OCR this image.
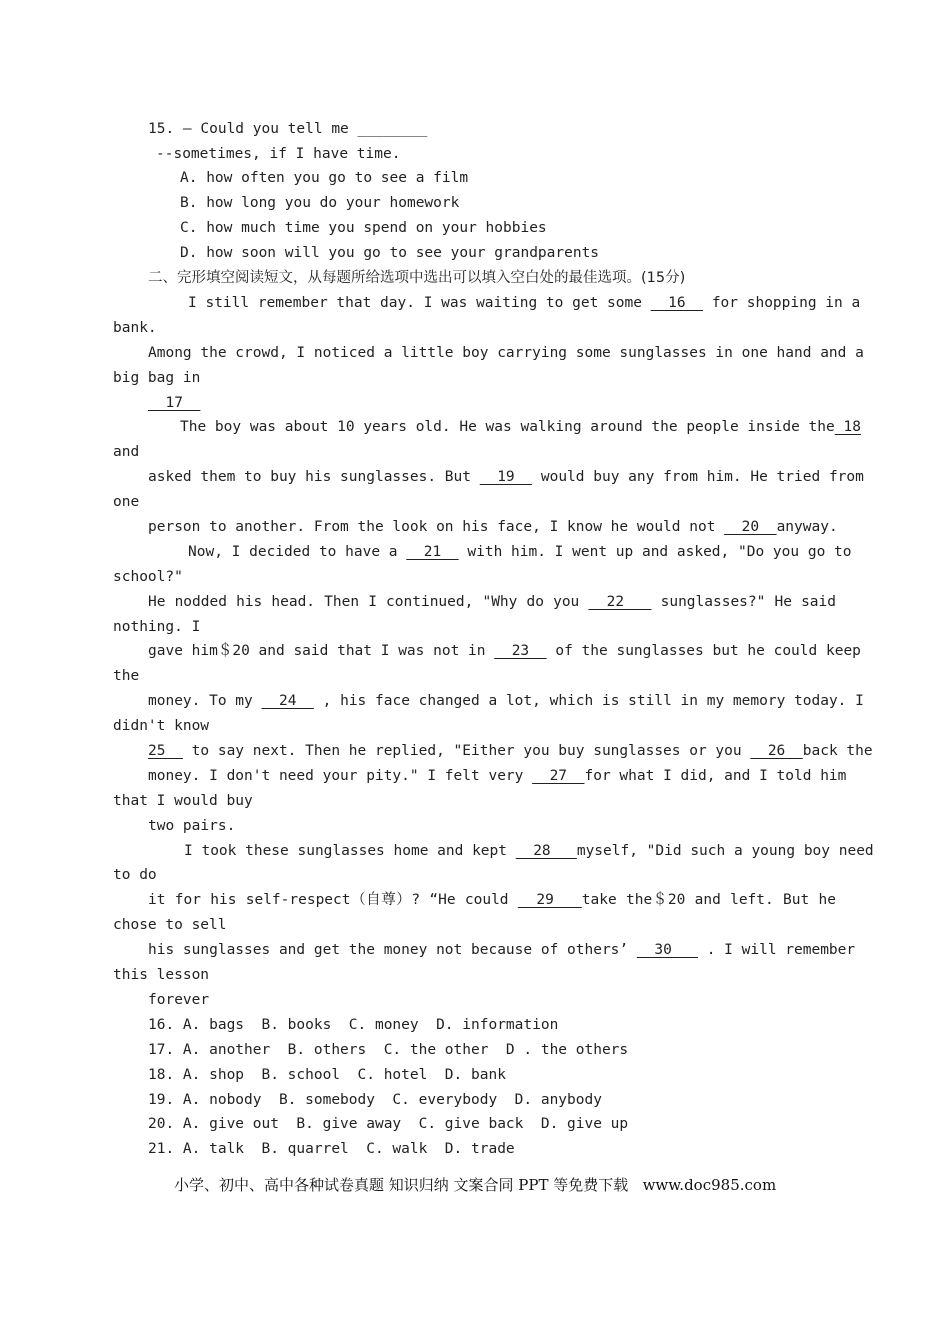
15. — Could you tell me ________
--sometimes, if I have time.
A. how often you go to see a film
B. how long you do your homework
C. how much time you spend on your hobbies
D. how soon will you go to see your grandparents
二、完形填空阅读短文，从每题所给选项中选出可以填入空白处的最佳选项。(15分)
I still remember that day. I was waiting to get some   16   for shopping in a
bank.
Among the crowd, I noticed a little boy carrying some sunglasses in one hand and a
big bag in
17
The boy was about 10 years old. He was walking around the people inside the 18
and
asked them to buy his sunglasses. But   19   would buy any from him. He tried from
one
person to another. From the look on his face, I know he would not   20  anyway.
Now, I decided to have a   21   with him. I went up and asked, "Do you go to
school?"
He nodded his head. Then I continued, "Why do you   22    sunglasses?" He said
nothing. I
gave him＄20 and said that I was not in   23   of the sunglasses but he could keep
the
money. To my   24   , his face changed a lot, which is still in my memory today. I
didn't know
25   to say next. Then he replied, "Either you buy sunglasses or you   26  back the
money. I don't need your pity." I felt very   27  for what I did, and I told him
that I would buy
two pairs.
I took these sunglasses home and kept   28   myself, "Did such a young boy need
to do
it for his self-respect（自尊）? “He could   29   take the＄20 and left. But he
chose to sell
his sunglasses and get the money not because of others’   30    . I will remember
this lesson
forever
16. A. bags  B. books  C. money  D. information
17. A. another  B. others  C. the other  D . the others
18. A. shop  B. school  C. hotel  D. bank
19. A. nobody  B. somebody  C. everybody  D. anybody
20. A. give out  B. give away  C. give back  D. give up
21. A. talk  B. quarrel  C. walk  D. trade
小学、初中、高中各种试卷真题 知识归纳 文案合同 PPT 等免费下载   www.doc985.com
